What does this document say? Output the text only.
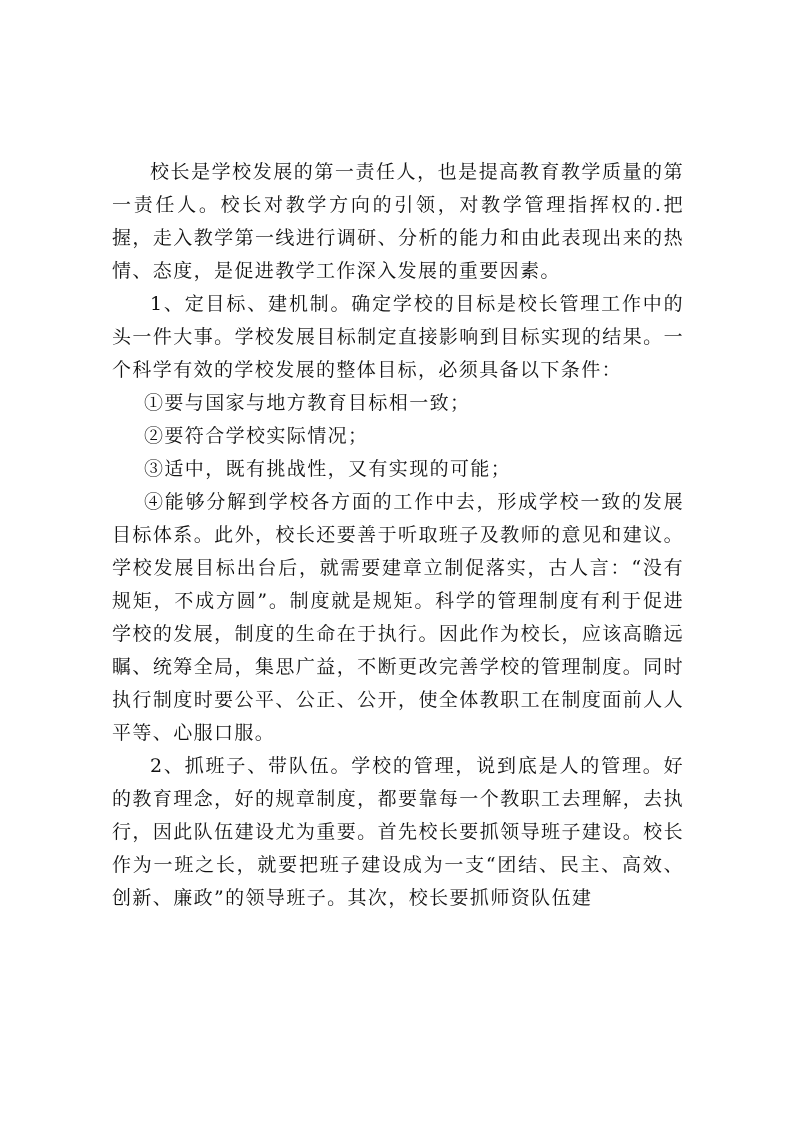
校长是学校发展的第一责任人，也是提高教育教学质量的第一责任人。校长对教学方向的引领，对教学管理指挥权的.把握，走入教学第一线进行调研、分析的能力和由此表现出来的热情、态度，是促进教学工作深入发展的重要因素。

1、定目标、建机制。确定学校的目标是校长管理工作中的头一件大事。学校发展目标制定直接影响到目标实现的结果。一个科学有效的学校发展的整体目标，必须具备以下条件：

①要与国家与地方教育目标相一致；

②要符合学校实际情况；

③适中，既有挑战性，又有实现的可能；

④能够分解到学校各方面的工作中去，形成学校一致的发展目标体系。此外，校长还要善于听取班子及教师的意见和建议。学校发展目标出台后，就需要建章立制促落实，古人言：“没有规矩，不成方圆”。制度就是规矩。科学的管理制度有利于促进学校的发展，制度的生命在于执行。因此作为校长，应该高瞻远瞩、统筹全局，集思广益，不断更改完善学校的管理制度。同时执行制度时要公平、公正、公开，使全体教职工在制度面前人人平等、心服口服。

2、抓班子、带队伍。学校的管理，说到底是人的管理。好的教育理念，好的规章制度，都要靠每一个教职工去理解，去执行，因此队伍建设尤为重要。首先校长要抓领导班子建设。校长作为一班之长，就要把班子建设成为一支“团结、民主、高效、创新、廉政”的领导班子。其次，校长要抓师资队伍建
